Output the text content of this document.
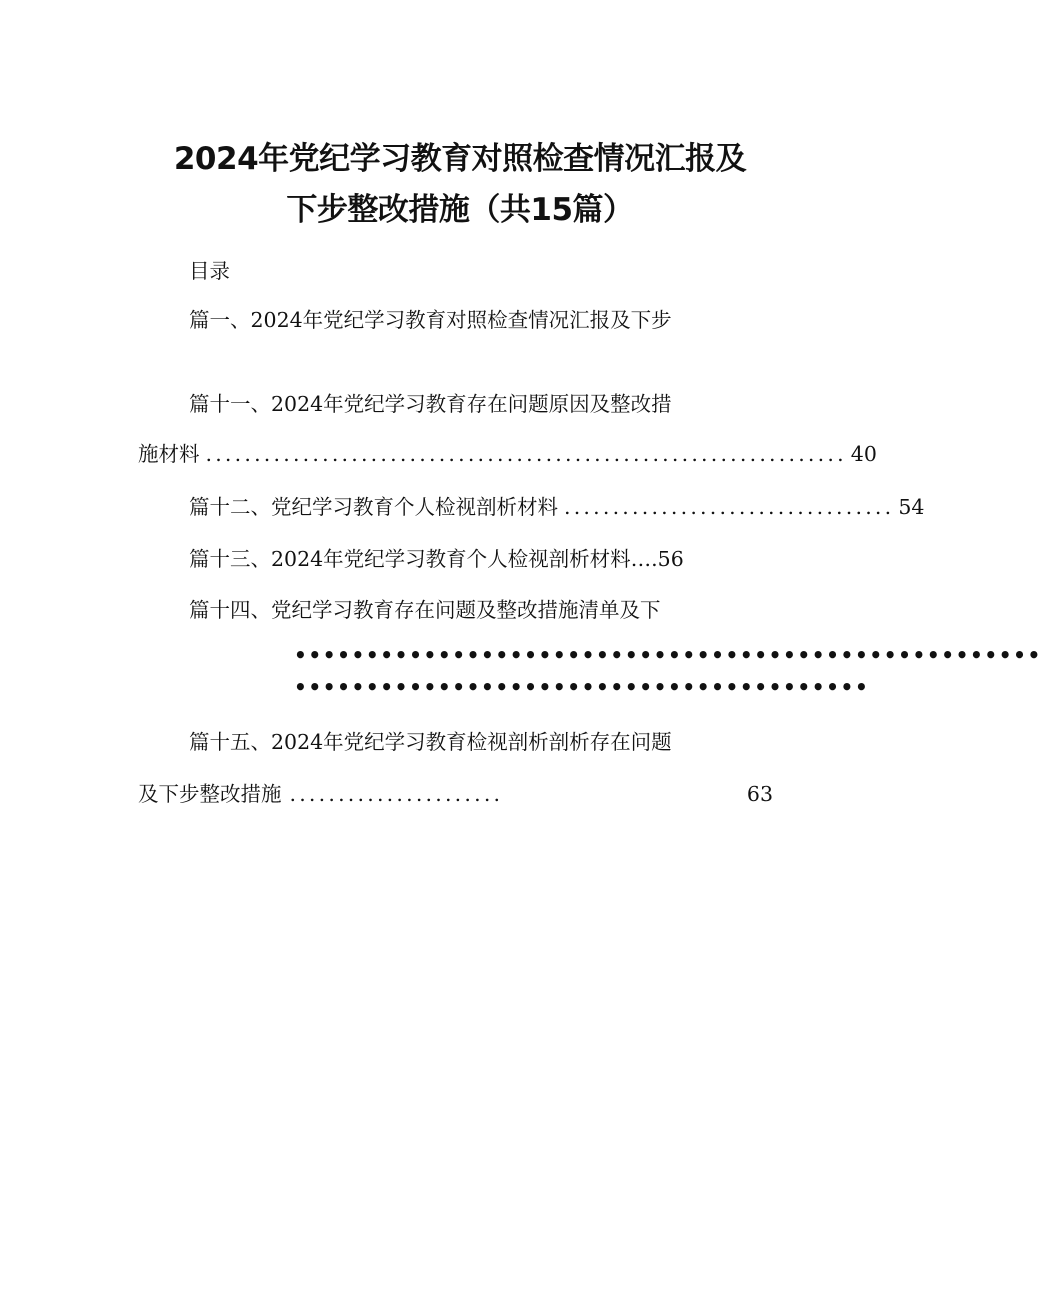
2024年党纪学习教育对照检查情况汇报及
下步整改措施（共15篇）
目录
篇一、2024年党纪学习教育对照检查情况汇报及下步
篇十一、2024年党纪学习教育存在问题原因及整改措
施材料 .................................................................. 40
篇十二、党纪学习教育个人检视剖析材料 .................................. 54
篇十三、2024年党纪学习教育个人检视剖析材料….56
篇十四、党纪学习教育存在问题及整改措施清单及下
••••••••••••••••••••••••••••••••••••••••••••••••••••
••••••••••••••••••••••••••••••••••••••••
篇十五、2024年党纪学习教育检视剖析剖析存在问题
及下步整改措施 ......................	63
